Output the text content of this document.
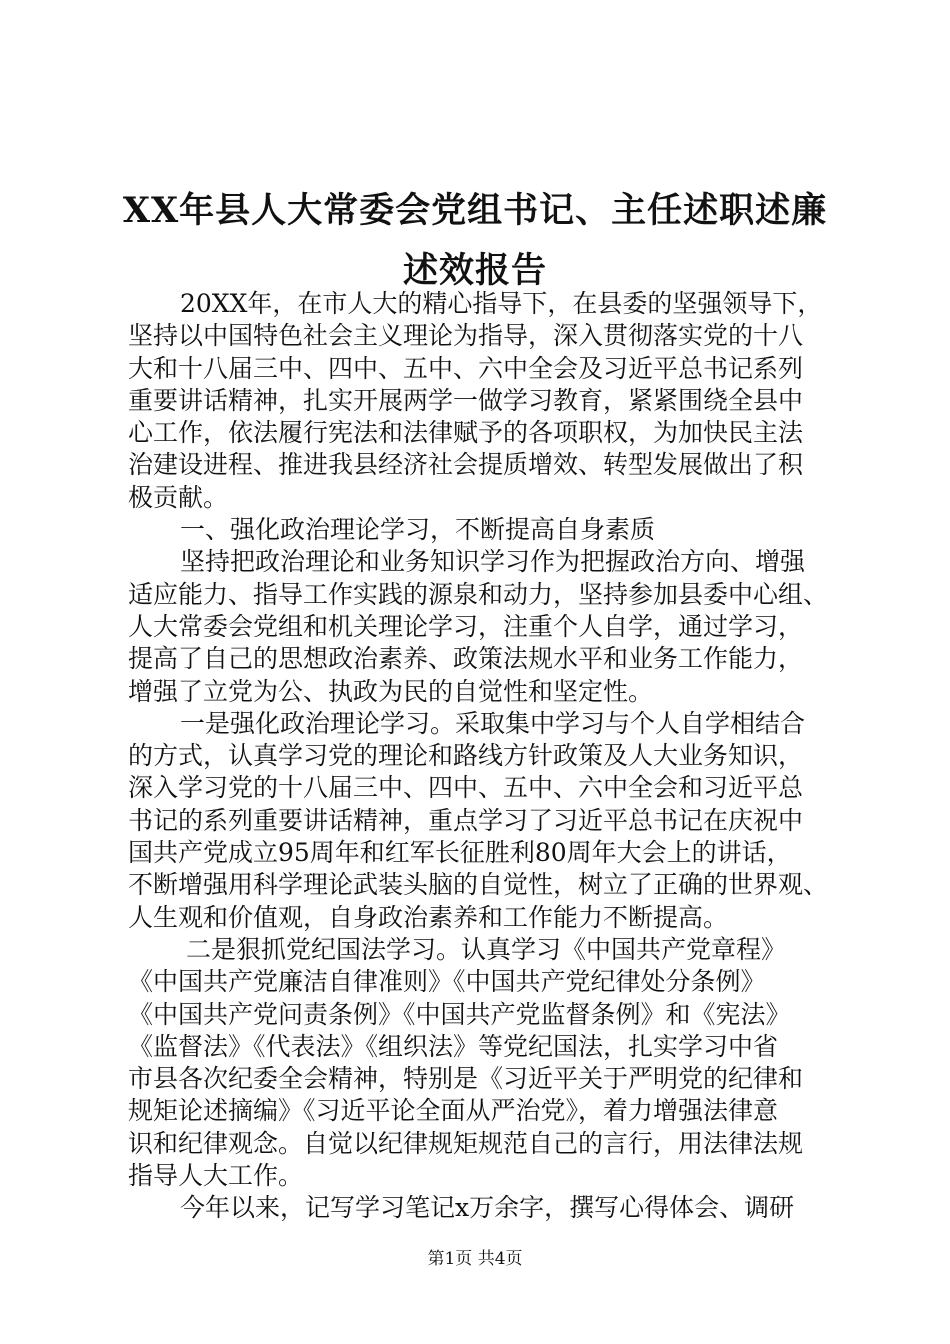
XX年县人大常委会党组书记、主任述职述廉
述效报告
20XX年，在市人大的精心指导下，在县委的坚强领导下，
坚持以中国特色社会主义理论为指导，深入贯彻落实党的十八
大和十八届三中、四中、五中、六中全会及习近平总书记系列
重要讲话精神，扎实开展两学一做学习教育，紧紧围绕全县中
心工作，依法履行宪法和法律赋予的各项职权，为加快民主法
治建设进程、推进我县经济社会提质增效、转型发展做出了积
极贡献。
一、强化政治理论学习，不断提高自身素质
坚持把政治理论和业务知识学习作为把握政治方向、增强
适应能力、指导工作实践的源泉和动力，坚持参加县委中心组、
人大常委会党组和机关理论学习，注重个人自学，通过学习，
提高了自己的思想政治素养、政策法规水平和业务工作能力，
增强了立党为公、执政为民的自觉性和坚定性。
一是强化政治理论学习。采取集中学习与个人自学相结合
的方式，认真学习党的理论和路线方针政策及人大业务知识，
深入学习党的十八届三中、四中、五中、六中全会和习近平总
书记的系列重要讲话精神，重点学习了习近平总书记在庆祝中
国共产党成立95周年和红军长征胜利80周年大会上的讲话，
不断增强用科学理论武装头脑的自觉性，树立了正确的世界观、
人生观和价值观，自身政治素养和工作能力不断提高。
二是狠抓党纪国法学习。认真学习《中国共产党章程》
《中国共产党廉洁自律准则》《中国共产党纪律处分条例》
《中国共产党问责条例》《中国共产党监督条例》和《宪法》
《监督法》《代表法》《组织法》等党纪国法，扎实学习中省
市县各次纪委全会精神，特别是《习近平关于严明党的纪律和
规矩论述摘编》《习近平论全面从严治党》，着力增强法律意
识和纪律观念。自觉以纪律规矩规范自己的言行，用法律法规
指导人大工作。
今年以来，记写学习笔记x万余字，撰写心得体会、调研
第1页 共4页
